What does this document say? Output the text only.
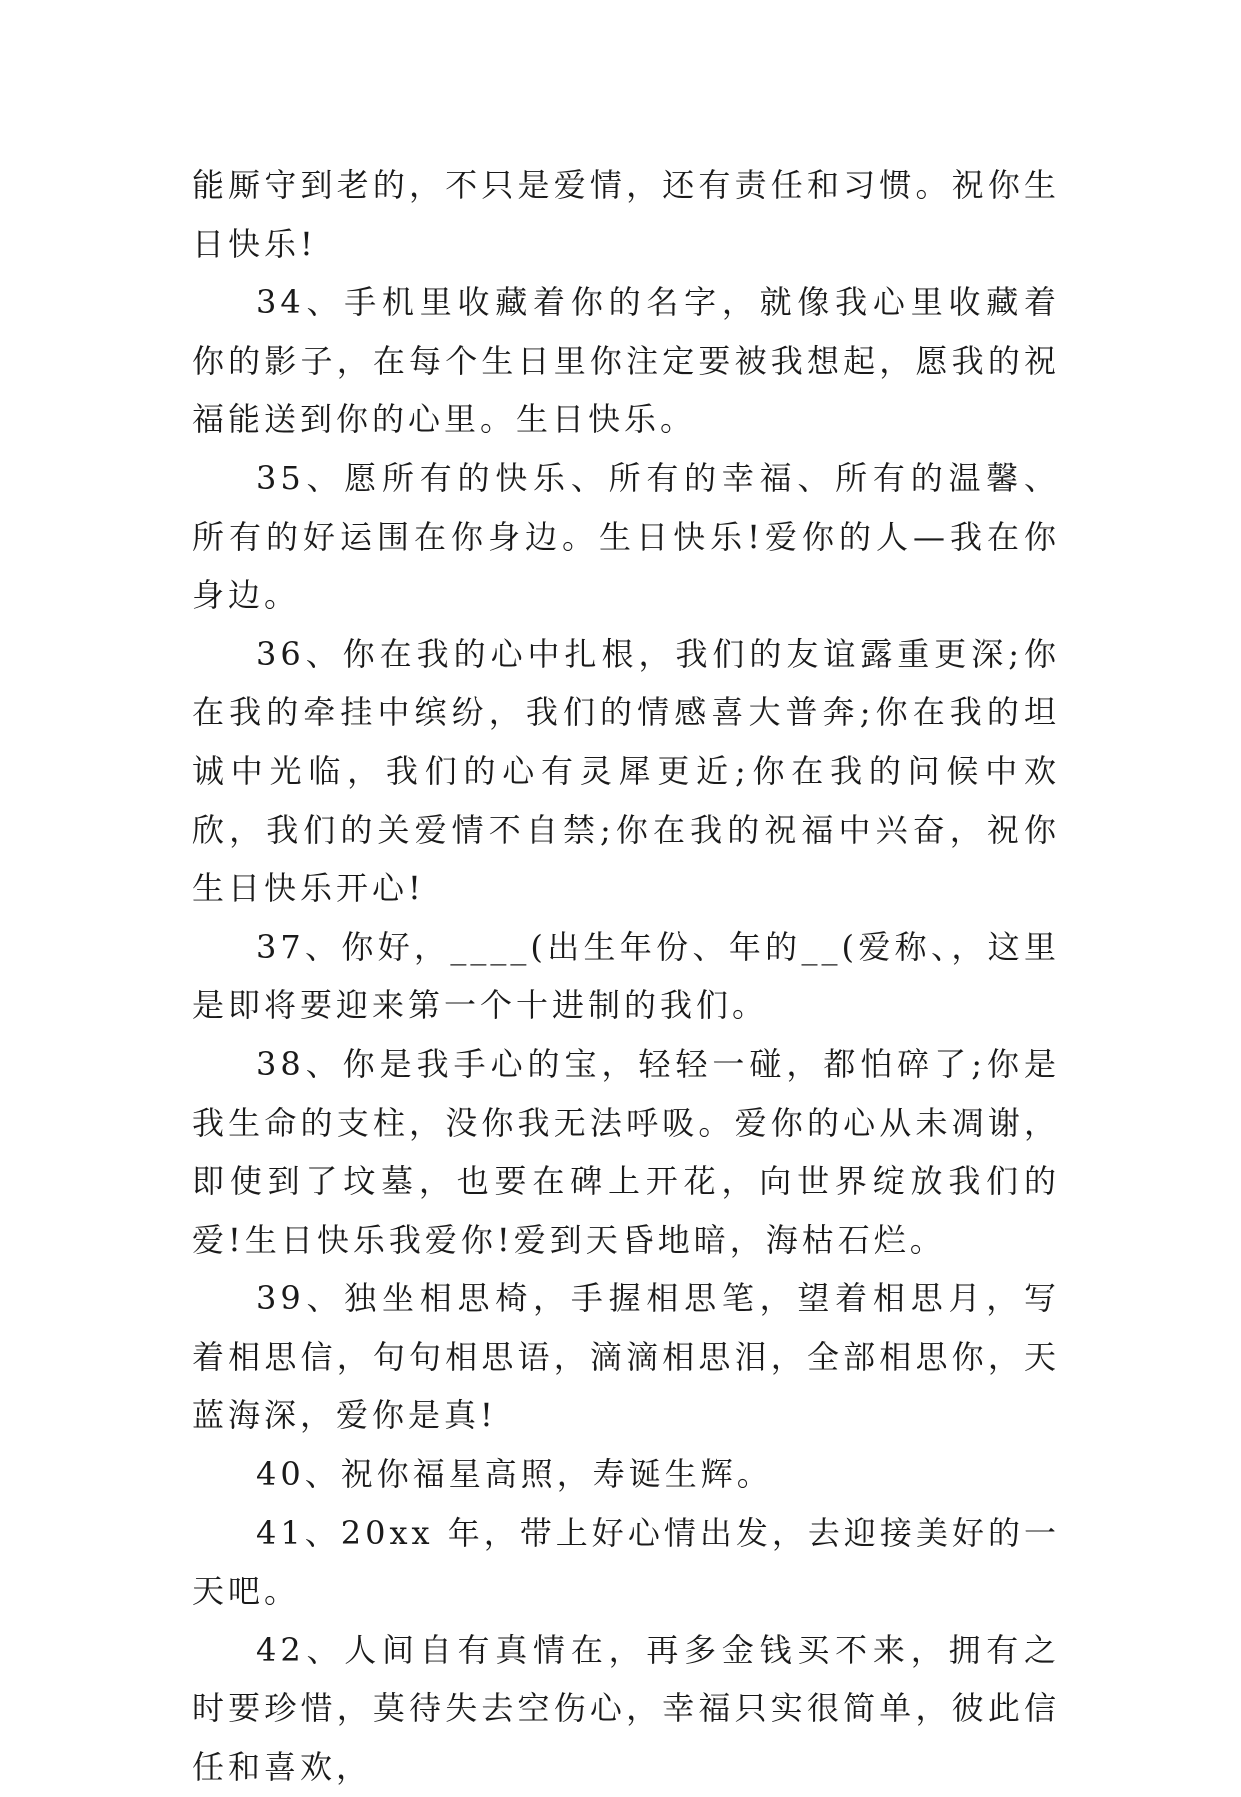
能厮守到老的，不只是爱情，还有责任和习惯。祝你生日快乐!

34、手机里收藏着你的名字，就像我心里收藏着你的影子，在每个生日里你注定要被我想起，愿我的祝福能送到你的心里。生日快乐。

35、愿所有的快乐、所有的幸福、所有的温馨、所有的好运围在你身边。生日快乐!爱你的人—我在你身边。

36、你在我的心中扎根，我们的友谊露重更深;你在我的牵挂中缤纷，我们的情感喜大普奔;你在我的坦诚中光临，我们的心有灵犀更近;你在我的问候中欢欣，我们的关爱情不自禁;你在我的祝福中兴奋，祝你生日快乐开心!

37、你好，____(出生年份、年的__(爱称、，这里是即将要迎来第一个十进制的我们。

38、你是我手心的宝，轻轻一碰，都怕碎了;你是我生命的支柱，没你我无法呼吸。爱你的心从未凋谢，即使到了坟墓，也要在碑上开花，向世界绽放我们的爱!生日快乐我爱你!爱到天昏地暗，海枯石烂。

39、独坐相思椅，手握相思笔，望着相思月，写着相思信，句句相思语，滴滴相思泪，全部相思你，天蓝海深，爱你是真!

40、祝你福星高照，寿诞生辉。

41、20xx 年，带上好心情出发，去迎接美好的一天吧。

42、人间自有真情在，再多金钱买不来，拥有之时要珍惜，莫待失去空伤心，幸福只实很简单，彼此信任和喜欢，
